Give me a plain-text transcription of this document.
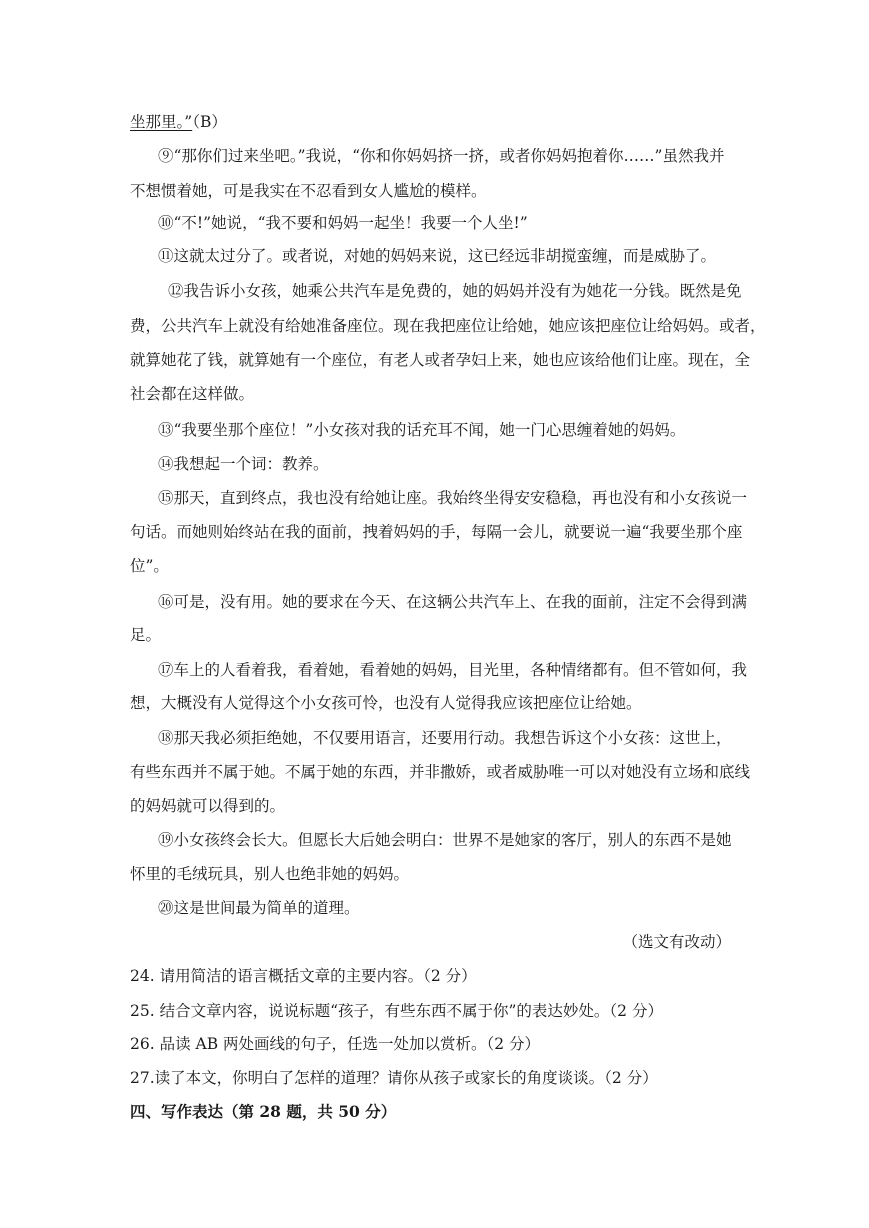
坐那里。”（B）
⑨“那你们过来坐吧。”我说，“你和你妈妈挤一挤，或者你妈妈抱着你……”虽然我并
不想惯着她，可是我实在不忍看到女人尴尬的模样。
⑩“不!”她说，“我不要和妈妈一起坐！我要一个人坐!”
⑪这就太过分了。或者说，对她的妈妈来说，这已经远非胡搅蛮缠，而是威胁了。
⑫我告诉小女孩，她乘公共汽车是免费的，她的妈妈并没有为她花一分钱。既然是免
费，公共汽车上就没有给她准备座位。现在我把座位让给她，她应该把座位让给妈妈。或者，
就算她花了钱，就算她有一个座位，有老人或者孕妇上来，她也应该给他们让座。现在，全
社会都在这样做。
⑬“我要坐那个座位！”小女孩对我的话充耳不闻，她一门心思缠着她的妈妈。
⑭我想起一个词：教养。
⑮那天，直到终点，我也没有给她让座。我始终坐得安安稳稳，再也没有和小女孩说一
句话。而她则始终站在我的面前，拽着妈妈的手，每隔一会儿，就要说一遍“我要坐那个座
位”。
⑯可是，没有用。她的要求在今天、在这辆公共汽车上、在我的面前，注定不会得到满
足。
⑰车上的人看着我，看着她，看着她的妈妈，目光里，各种情绪都有。但不管如何，我
想，大概没有人觉得这个小女孩可怜，也没有人觉得我应该把座位让给她。
⑱那天我必须拒绝她，不仅要用语言，还要用行动。我想告诉这个小女孩：这世上，
有些东西并不属于她。不属于她的东西，并非撒娇，或者威胁唯一可以对她没有立场和底线
的妈妈就可以得到的。
⑲小女孩终会长大。但愿长大后她会明白：世界不是她家的客厅，别人的东西不是她
怀里的毛绒玩具，别人也绝非她的妈妈。
⑳这是世间最为简单的道理。
（选文有改动）
24. 请用简洁的语言概括文章的主要内容。（2 分）
25. 结合文章内容，说说标题“孩子，有些东西不属于你”的表达妙处。（2 分）
26. 品读 AB 两处画线的句子，任选一处加以赏析。（2 分）
27.读了本文，你明白了怎样的道理？请你从孩子或家长的角度谈谈。（2 分）
四、写作表达（第 28 题，共 50 分）
